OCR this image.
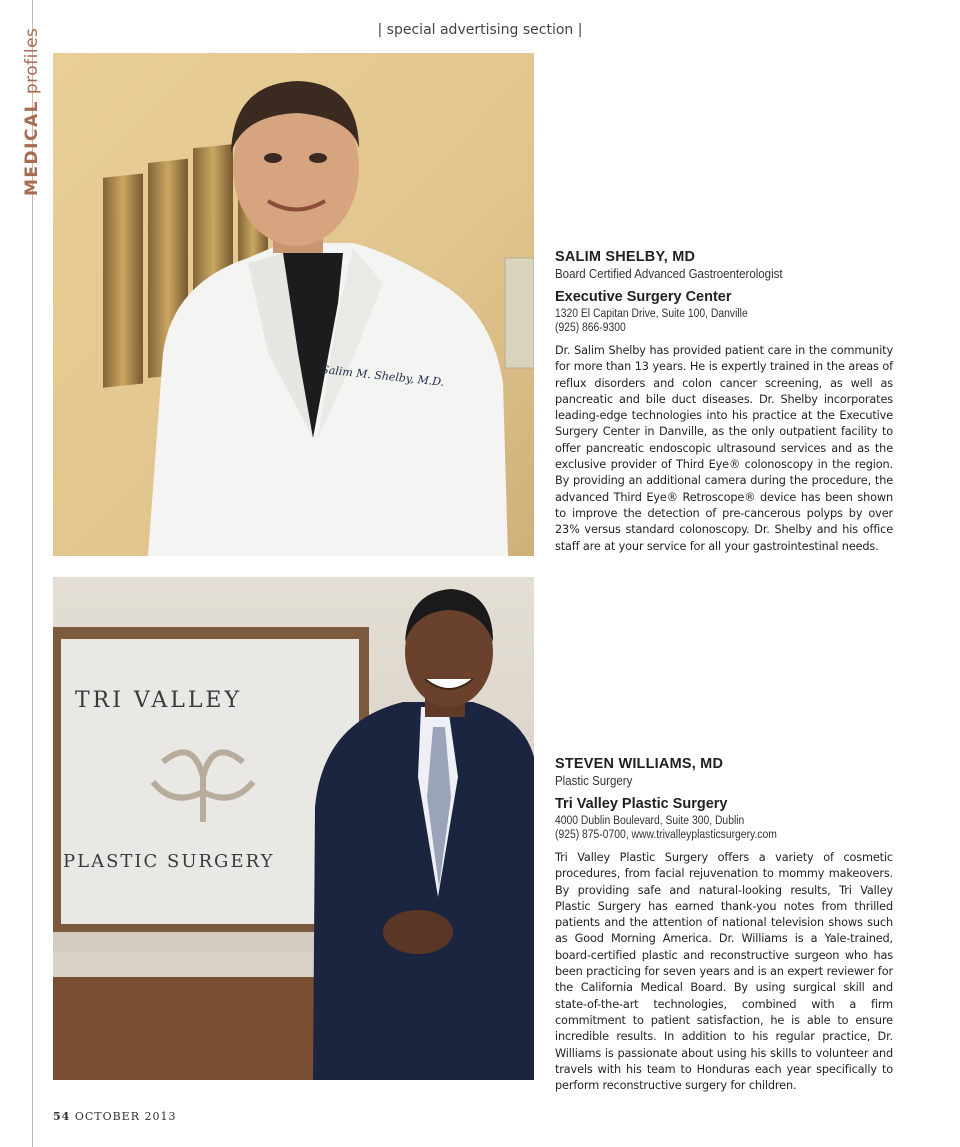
MEDICAL profiles	| special advertising section |
Salim M. Shelby, M.D.
TRI VALLEY
PLASTIC SURGERY
SALIM SHELBY, MD
Board Certified Advanced Gastroenterologist
Executive Surgery Center
1320 El Capitan Drive, Suite 100, Danville
(925) 866-9300
Dr. Salim Shelby has provided patient care in the community for more than 13 years. He is expertly trained in the areas of reflux disorders and colon cancer screening, as well as pancreatic and bile duct diseases. Dr. Shelby incorporates leading-edge technologies into his practice at the Executive Surgery Center in Danville, as the only outpatient facility to offer pancreatic endoscopic ultrasound services and as the exclusive provider of Third Eye® colonoscopy in the region. By providing an additional camera during the procedure, the advanced Third Eye® Retroscope® device has been shown to improve the detection of pre-cancerous polyps by over 23% versus standard colonoscopy. Dr. Shelby and his office staff are at your service for all your gastrointestinal needs.
STEVEN WILLIAMS, MD
Plastic Surgery
Tri Valley Plastic Surgery
4000 Dublin Boulevard, Suite 300, Dublin
(925) 875-0700, www.trivalleyplasticsurgery.com
Tri Valley Plastic Surgery offers a variety of cosmetic procedures, from facial rejuvenation to mommy makeovers. By providing safe and natural-looking results, Tri Valley Plastic Surgery has earned thank-you notes from thrilled patients and the attention of national television shows such as Good Morning America. Dr. Williams is a Yale-trained, board-certified plastic and reconstructive surgeon who has been practicing for seven years and is an expert reviewer for the California Medical Board. By using surgical skill and state-of-the-art technologies, combined with a firm commitment to patient satisfaction, he is able to ensure incredible results. In addition to his regular practice, Dr. Williams is passionate about using his skills to volunteer and travels with his team to Honduras each year specifically to perform reconstructive surgery for children.
54 OCTOBER 2013
